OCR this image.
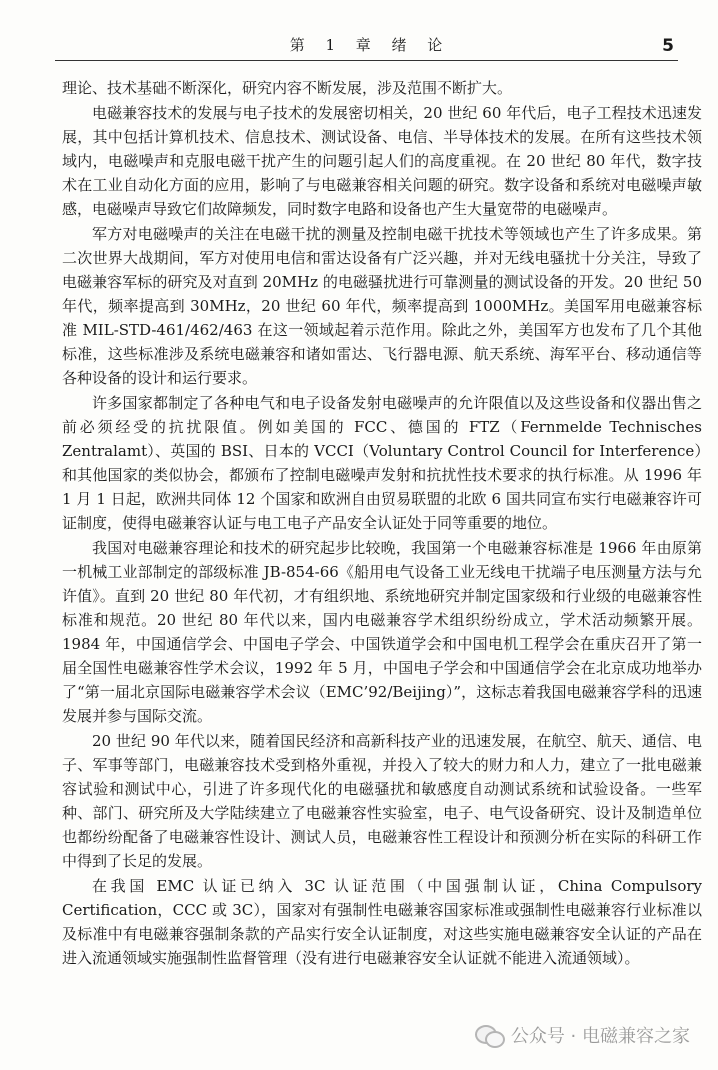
第 1 章 绪 论	5

理论、技术基础不断深化，研究内容不断发展，涉及范围不断扩大。

电磁兼容技术的发展与电子技术的发展密切相关，20 世纪 60 年代后，电子工程技术迅速发展，其中包括计算机技术、信息技术、测试设备、电信、半导体技术的发展。在所有这些技术领域内，电磁噪声和克服电磁干扰产生的问题引起人们的高度重视。在 20 世纪 80 年代，数字技术在工业自动化方面的应用，影响了与电磁兼容相关问题的研究。数字设备和系统对电磁噪声敏感，电磁噪声导致它们故障频发，同时数字电路和设备也产生大量宽带的电磁噪声。

军方对电磁噪声的关注在电磁干扰的测量及控制电磁干扰技术等领域也产生了许多成果。第二次世界大战期间，军方对使用电信和雷达设备有广泛兴趣，并对无线电骚扰十分关注，导致了电磁兼容军标的研究及对直到 20MHz 的电磁骚扰进行可靠测量的测试设备的开发。20 世纪 50 年代，频率提高到 30MHz，20 世纪 60 年代，频率提高到 1000MHz。美国军用电磁兼容标准 MIL-STD-461/462/463 在这一领域起着示范作用。除此之外，美国军方也发布了几个其他标准，这些标准涉及系统电磁兼容和诸如雷达、飞行器电源、航天系统、海军平台、移动通信等各种设备的设计和运行要求。

许多国家都制定了各种电气和电子设备发射电磁噪声的允许限值以及这些设备和仪器出售之前必须经受的抗扰限值。例如美国的 FCC、德国的 FTZ（Fernmelde Technisches Zentralamt）、英国的 BSI、日本的 VCCI（Voluntary Control Council for Interference）和其他国家的类似协会，都颁布了控制电磁噪声发射和抗扰性技术要求的执行标准。从 1996 年 1 月 1 日起，欧洲共同体 12 个国家和欧洲自由贸易联盟的北欧 6 国共同宣布实行电磁兼容许可证制度，使得电磁兼容认证与电工电子产品安全认证处于同等重要的地位。

我国对电磁兼容理论和技术的研究起步比较晚，我国第一个电磁兼容标准是 1966 年由原第一机械工业部制定的部级标准 JB-854-66《船用电气设备工业无线电干扰端子电压测量方法与允许值》。直到 20 世纪 80 年代初，才有组织地、系统地研究并制定国家级和行业级的电磁兼容性标准和规范。20 世纪 80 年代以来，国内电磁兼容学术组织纷纷成立，学术活动频繁开展。1984 年，中国通信学会、中国电子学会、中国铁道学会和中国电机工程学会在重庆召开了第一届全国性电磁兼容性学术会议，1992 年 5 月，中国电子学会和中国通信学会在北京成功地举办了“第一届北京国际电磁兼容学术会议（EMC’92/Beijing）”，这标志着我国电磁兼容学科的迅速发展并参与国际交流。

20 世纪 90 年代以来，随着国民经济和高新科技产业的迅速发展，在航空、航天、通信、电子、军事等部门，电磁兼容技术受到格外重视，并投入了较大的财力和人力，建立了一批电磁兼容试验和测试中心，引进了许多现代化的电磁骚扰和敏感度自动测试系统和试验设备。一些军种、部门、研究所及大学陆续建立了电磁兼容性实验室，电子、电气设备研究、设计及制造单位也都纷纷配备了电磁兼容性设计、测试人员，电磁兼容性工程设计和预测分析在实际的科研工作中得到了长足的发展。

在我国 EMC 认证已纳入 3C 认证范围（中国强制认证，China Compulsory Certification，CCC 或 3C），国家对有强制性电磁兼容国家标准或强制性电磁兼容行业标准以及标准中有电磁兼容强制条款的产品实行安全认证制度，对这些实施电磁兼容安全认证的产品在进入流通领域实施强制性监督管理（没有进行电磁兼容安全认证就不能进入流通领域）。

公众号 · 电磁兼容之家
